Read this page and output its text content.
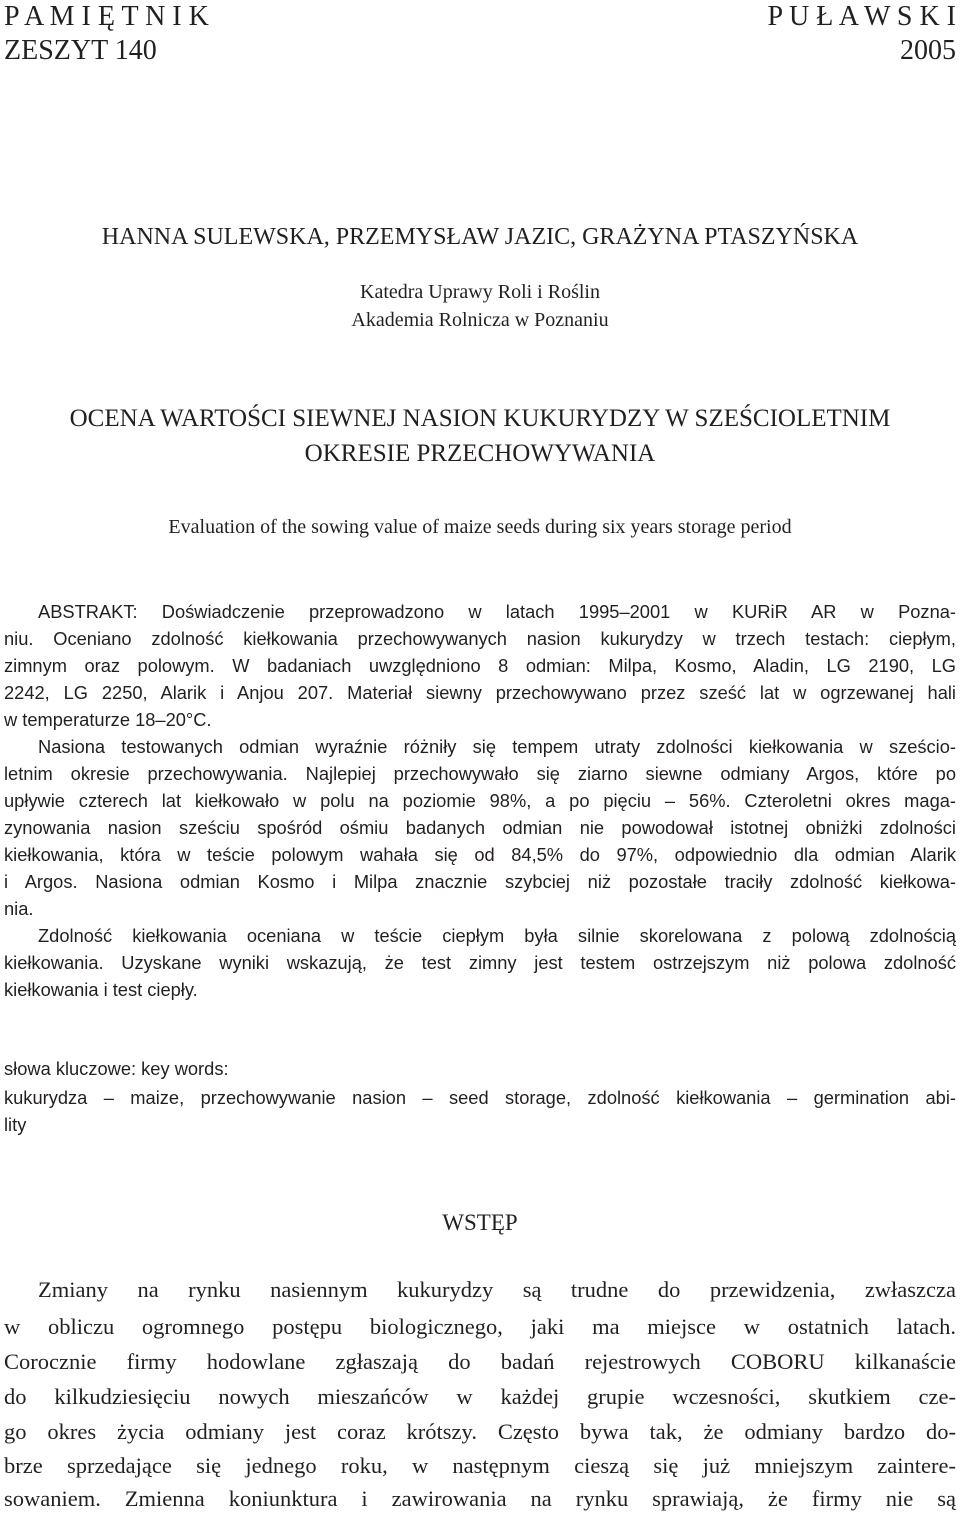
P A M I Ę T N I K	P U Ł A W S K I
ZESZYT 140	2005
HANNA SULEWSKA, PRZEMYSŁAW JAZIC, GRAŻYNA PTASZYŃSKA
Katedra Uprawy Roli i Roślin
Akademia Rolnicza w Poznaniu
OCENA WARTOŚCI SIEWNEJ NASION KUKURYDZY W SZEŚCIOLETNIM
OKRESIE PRZECHOWYWANIA
Evaluation of the sowing value of maize seeds during six years storage period
ABSTRAKT: Doświadczenie przeprowadzono w latach 1995–2001 w KURiR AR w Pozna-
niu. Oceniano zdolność kiełkowania przechowywanych nasion kukurydzy w trzech testach: ciepłym,
zimnym oraz polowym. W badaniach uwzględniono 8 odmian: Milpa, Kosmo, Aladin, LG 2190, LG
2242, LG 2250, Alarik i Anjou 207. Materiał siewny przechowywano przez sześć lat w ogrzewanej hali
w temperaturze 18–20°C.
Nasiona testowanych odmian wyraźnie różniły się tempem utraty zdolności kiełkowania w sześcio-
letnim okresie przechowywania. Najlepiej przechowywało się ziarno siewne odmiany Argos, które po
upływie czterech lat kiełkowało w polu na poziomie 98%, a po pięciu – 56%. Czteroletni okres maga-
zynowania nasion sześciu spośród ośmiu badanych odmian nie powodował istotnej obniżki zdolności
kiełkowania, która w teście polowym wahała się od 84,5% do 97%, odpowiednio dla odmian Alarik
i Argos. Nasiona odmian Kosmo i Milpa znacznie szybciej niż pozostałe traciły zdolność kiełkowa-
nia.
Zdolność kiełkowania oceniana w teście ciepłym była silnie skorelowana z polową zdolnością
kiełkowania. Uzyskane wyniki wskazują, że test zimny jest testem ostrzejszym niż polowa zdolność
kiełkowania i test ciepły.
słowa kluczowe: key words:
kukurydza – maize, przechowywanie nasion – seed storage, zdolność kiełkowania – germination abi-
lity
WSTĘP
Zmiany na rynku nasiennym kukurydzy są trudne do przewidzenia, zwłaszcza
w obliczu ogromnego postępu biologicznego, jaki ma miejsce w ostatnich latach.
Corocznie firmy hodowlane zgłaszają do badań rejestrowych COBORU kilkanaście
do kilkudziesięciu nowych mieszańców w każdej grupie wczesności, skutkiem cze-
go okres życia odmiany jest coraz krótszy. Często bywa tak, że odmiany bardzo do-
brze sprzedające się jednego roku, w następnym cieszą się już mniejszym zaintere-
sowaniem. Zmienna koniunktura i zawirowania na rynku sprawiają, że firmy nie są
